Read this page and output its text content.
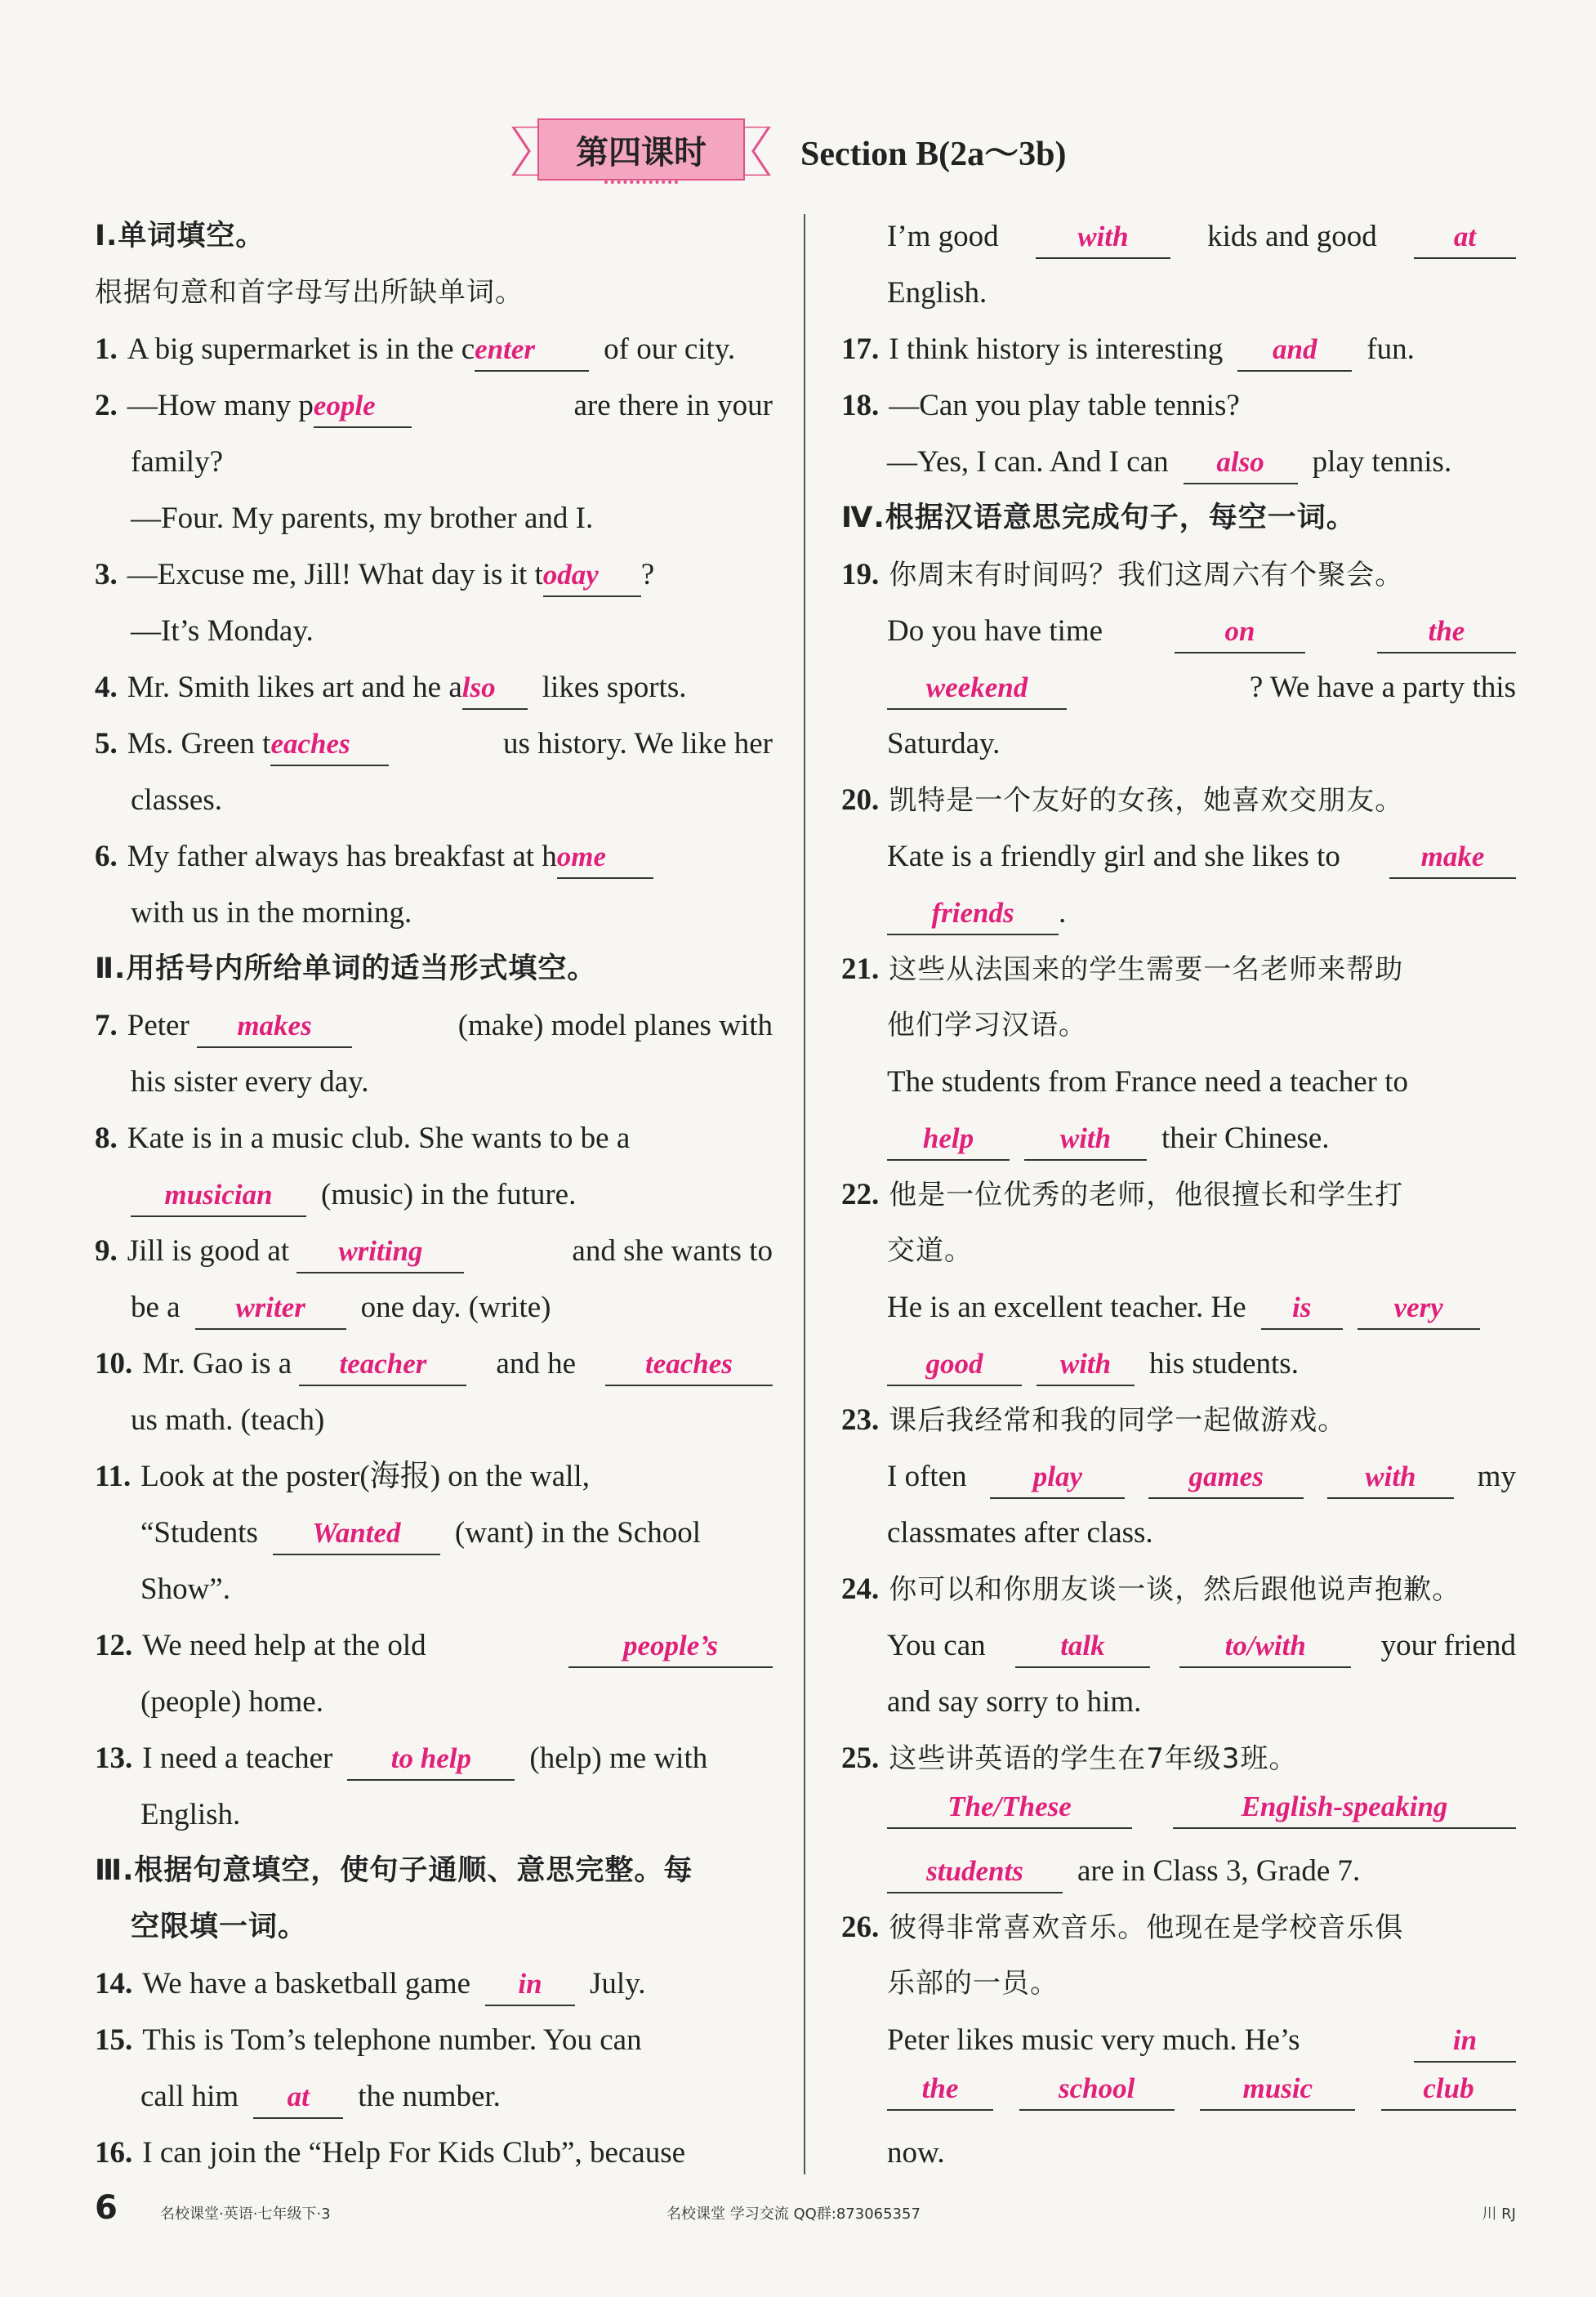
第四课时	Section B(2a～3b)
Ⅰ.单词填空。
根据句意和首字母写出所缺单词。
1. A big supermarket is in the center	of our city.
2. —How many people	are there in your
family?
—Four. My parents, my brother and I.
3. —Excuse me, Jill! What day is it today ?
—It’s Monday.
4. Mr. Smith likes art and he also	likes sports.
5. Ms. Green teaches	us history. We like her
classes.
6. My father always has breakfast at home
with us in the morning.
Ⅱ.用括号内所给单词的适当形式填空。
7. Peter makes	(make) model planes with
his sister every day.
8. Kate is in a music club. She wants to be a
musician	(music) in the future.
9. Jill is good at writing	and she wants to
be a	writer	one day. (write)
10. Mr. Gao is a teacher	and he	teaches
us math. (teach)
11. Look at the poster(海报) on the wall,
“Students	Wanted	(want) in the School
Show”.
12. We need help at the old	people’s
(people) home.
13. I need a teacher	to help	(help) me with
English.
Ⅲ.根据句意填空，使句子通顺、意思完整。每
空限填一词。
14. We have a basketball game	in	July.
15. This is Tom’s telephone number. You can
call him	at	the number.
16. I can join the “Help For Kids Club”, because
I’m good	with	kids and good	at
English.
17. I think history is interesting	and	fun.
18. —Can you play table tennis?
—Yes, I can. And I can	also	play tennis.
Ⅳ.根据汉语意思完成句子，每空一词。
19. 你周末有时间吗？我们这周六有个聚会。
Do you have time	on	the
weekend	? We have a party this
Saturday.
20. 凯特是一个友好的女孩，她喜欢交朋友。
Kate is a friendly girl and she likes to	make
friends .
21. 这些从法国来的学生需要一名老师来帮助
他们学习汉语。
The students from France need a teacher to
help	with	their Chinese.
22. 他是一位优秀的老师，他很擅长和学生打
交道。
He is an excellent teacher. He	is	very
good	with	his students.
23. 课后我经常和我的同学一起做游戏。
I often	play	games	with	my
classmates after class.
24. 你可以和你朋友谈一谈，然后跟他说声抱歉。
You can	talk	to/with	your friend
and say sorry to him.
25. 这些讲英语的学生在7年级3班。
The/These	English-speaking
students	are in Class 3, Grade 7.
26. 彼得非常喜欢音乐。他现在是学校音乐俱
乐部的一员。
Peter likes music very much. He’s	in
the	school	music	club
now.
6	名校课堂·英语·七年级下·3	名校课堂 学习交流 QQ群:873065357	川 RJ
